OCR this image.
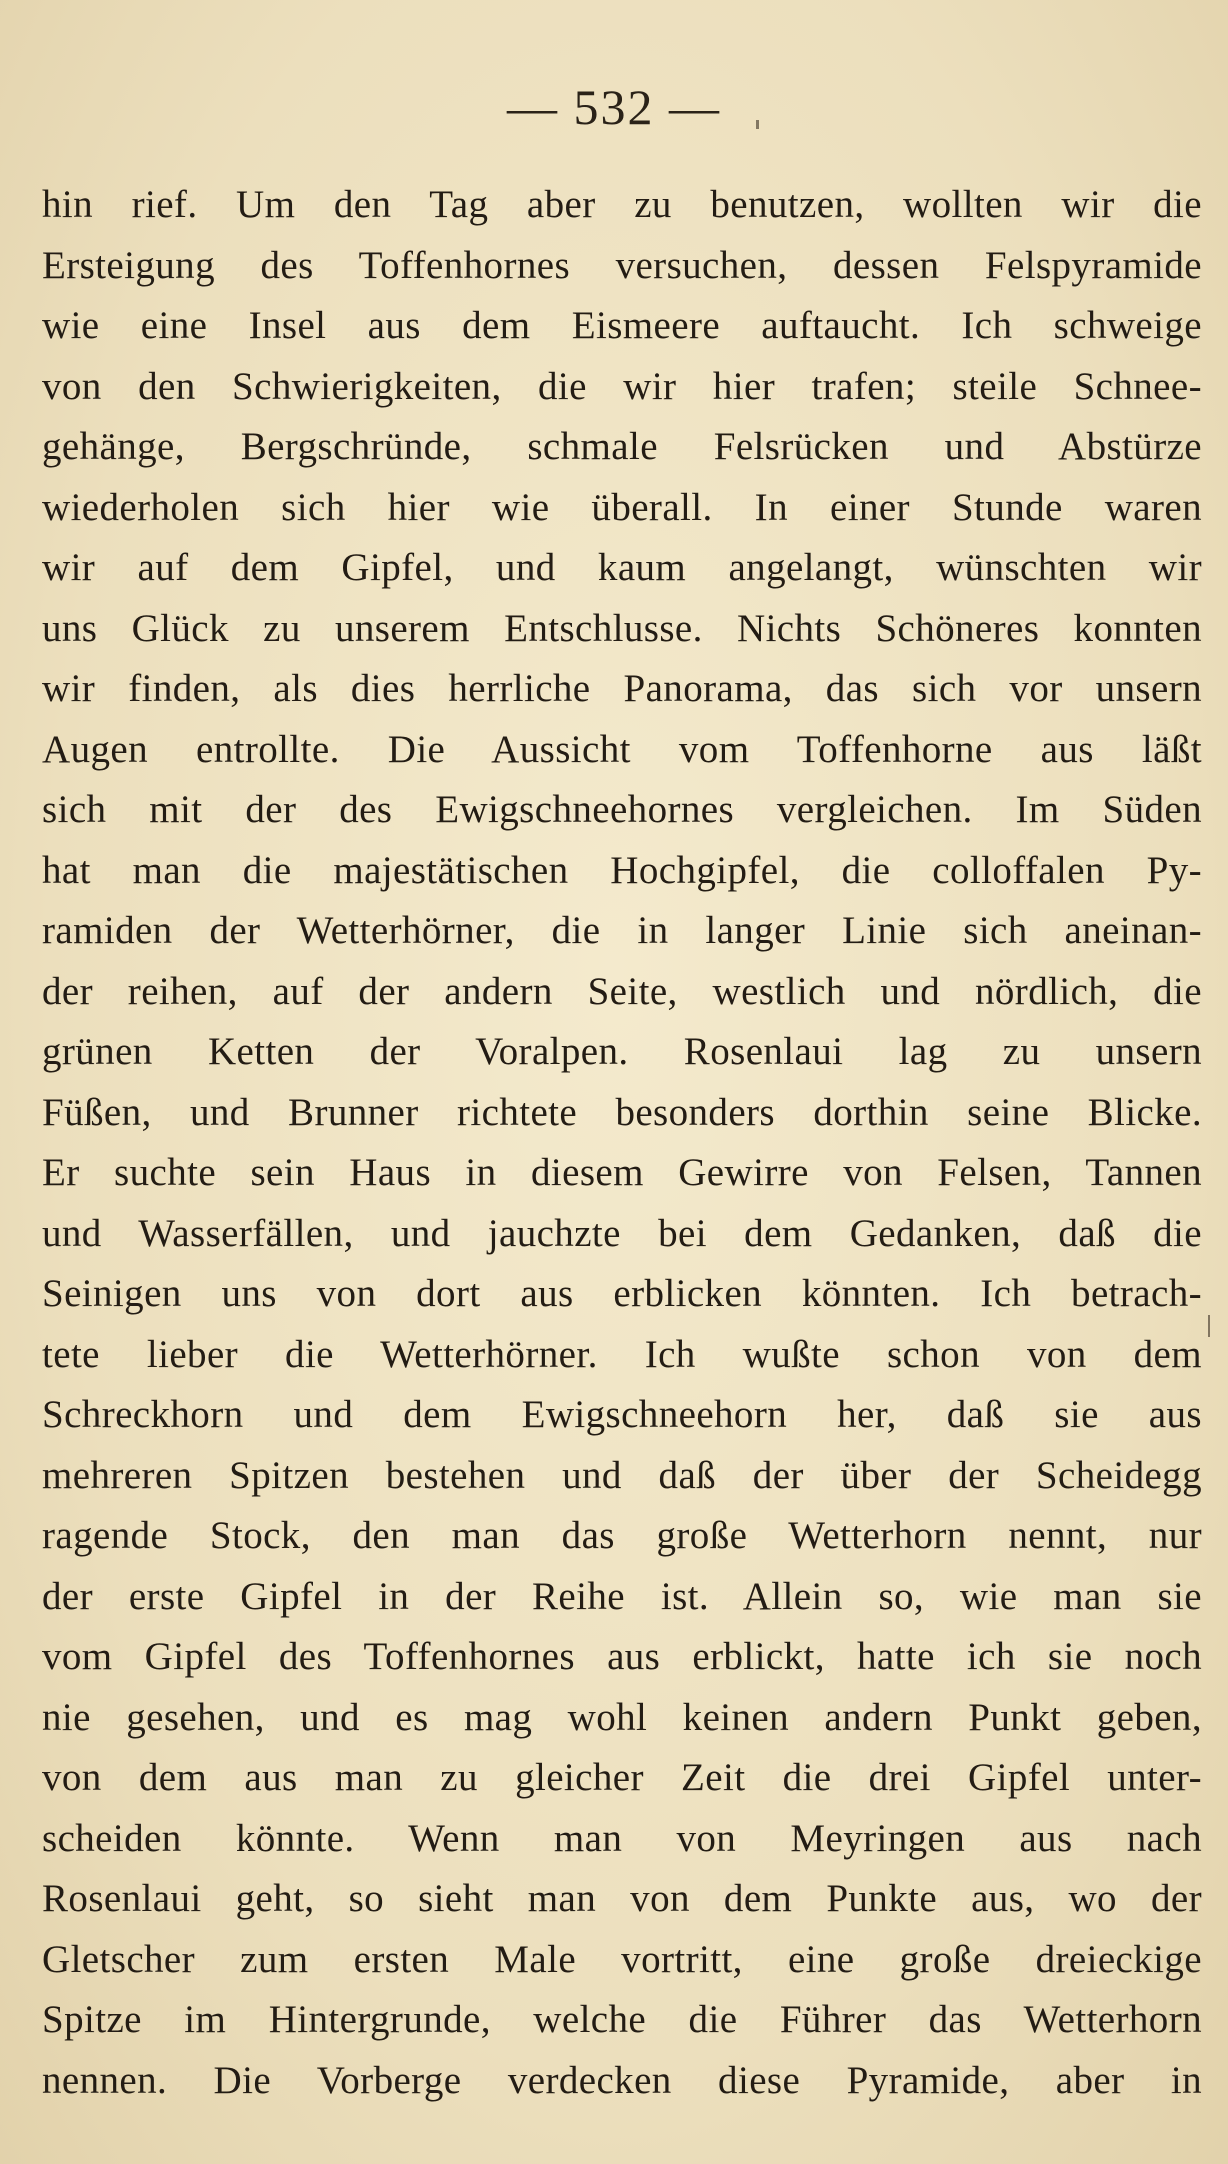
— 532 —
hin rief. Um den Tag aber zu benutzen, wollten wir die
Ersteigung des Toffenhornes versuchen, dessen Felspyramide
wie eine Insel aus dem Eismeere auftaucht. Ich schweige
von den Schwierigkeiten, die wir hier trafen; steile Schnee-
gehänge, Bergschründe, schmale Felsrücken und Abstürze
wiederholen sich hier wie überall. In einer Stunde waren
wir auf dem Gipfel, und kaum angelangt, wünschten wir
uns Glück zu unserem Entschlusse. Nichts Schöneres konnten
wir finden, als dies herrliche Panorama, das sich vor unsern
Augen entrollte. Die Aussicht vom Toffenhorne aus läßt
sich mit der des Ewigschneehornes vergleichen. Im Süden
hat man die majestätischen Hochgipfel, die colloffalen Py-
ramiden der Wetterhörner, die in langer Linie sich aneinan-
der reihen, auf der andern Seite, westlich und nördlich, die
grünen Ketten der Voralpen. Rosenlaui lag zu unsern
Füßen, und Brunner richtete besonders dorthin seine Blicke.
Er suchte sein Haus in diesem Gewirre von Felsen, Tannen
und Wasserfällen, und jauchzte bei dem Gedanken, daß die
Seinigen uns von dort aus erblicken könnten. Ich betrach-
tete lieber die Wetterhörner. Ich wußte schon von dem
Schreckhorn und dem Ewigschneehorn her, daß sie aus
mehreren Spitzen bestehen und daß der über der Scheidegg
ragende Stock, den man das große Wetterhorn nennt, nur
der erste Gipfel in der Reihe ist. Allein so, wie man sie
vom Gipfel des Toffenhornes aus erblickt, hatte ich sie noch
nie gesehen, und es mag wohl keinen andern Punkt geben,
von dem aus man zu gleicher Zeit die drei Gipfel unter-
scheiden könnte. Wenn man von Meyringen aus nach
Rosenlaui geht, so sieht man von dem Punkte aus, wo der
Gletscher zum ersten Male vortritt, eine große dreieckige
Spitze im Hintergrunde, welche die Führer das Wetterhorn
nennen. Die Vorberge verdecken diese Pyramide, aber in
